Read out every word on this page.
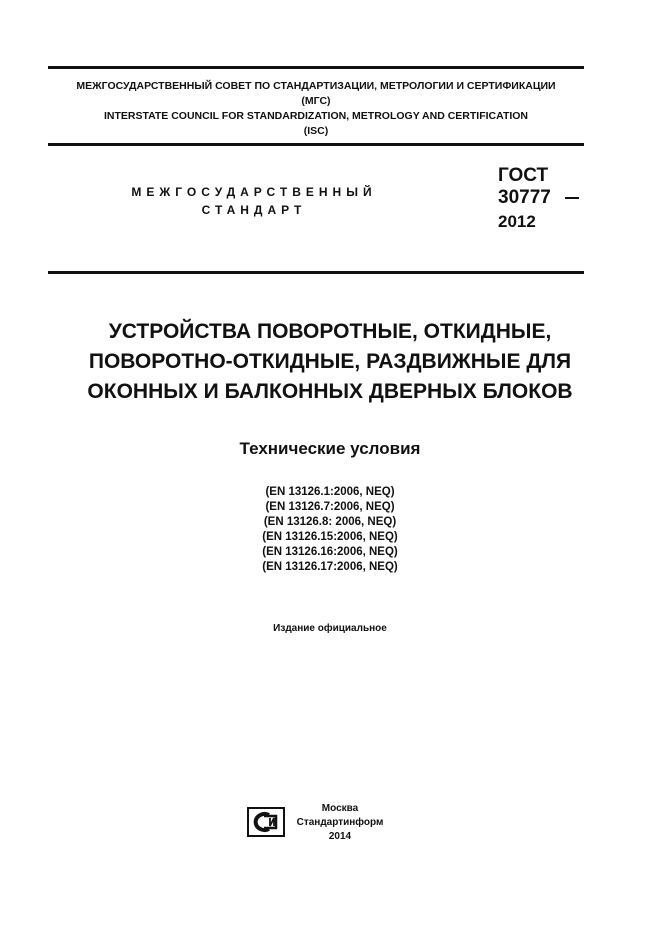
МЕЖГОСУДАРСТВЕННЫЙ СОВЕТ ПО СТАНДАРТИЗАЦИИ, МЕТРОЛОГИИ И СЕРТИФИКАЦИИ
(МГС)
INTERSTATE COUNCIL FOR STANDARDIZATION, METROLOGY AND CERTIFICATION
(ISC)
МЕЖГОСУДАРСТВЕННЫЙ
СТАНДАРТ
ГОСТ
30777
2012
УСТРОЙСТВА ПОВОРОТНЫЕ, ОТКИДНЫЕ,
ПОВОРОТНО-ОТКИДНЫЕ, РАЗДВИЖНЫЕ ДЛЯ
ОКОННЫХ И БАЛКОННЫХ ДВЕРНЫХ БЛОКОВ
Технические условия
(EN 13126.1:2006, NEQ)
(EN 13126.7:2006, NEQ)
(EN 13126.8: 2006, NEQ)
(EN 13126.15:2006, NEQ)
(EN 13126.16:2006, NEQ)
(EN 13126.17:2006, NEQ)
Издание официальное
Москва
Стандартинформ
2014
